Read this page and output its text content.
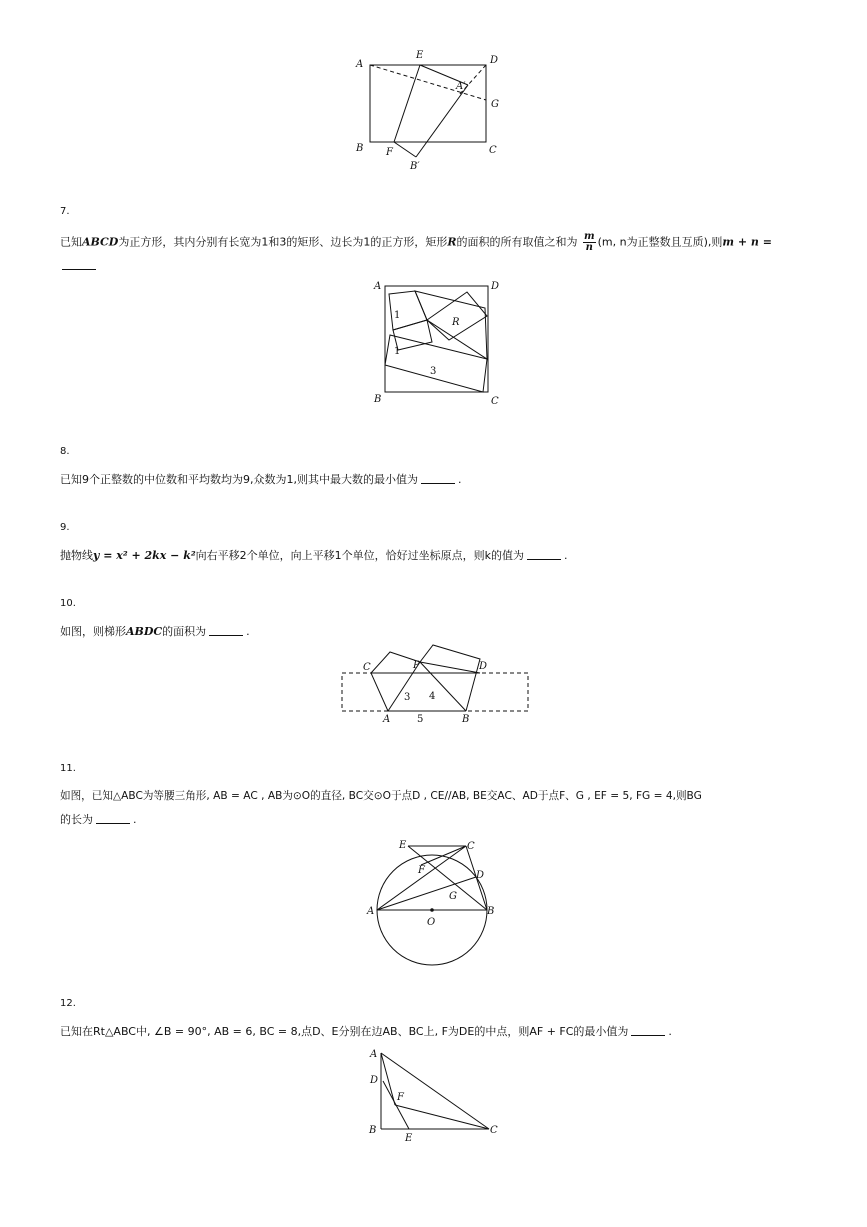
A
E	D
A′
G
B F	C
B′
7.
已知ABCD为正方形，其内分别有长宽为1和3的矩形、边长为1的正方形，矩形R的面积的所有取值之和为 $\frac{m}{n} (m$, n为正整数且互质),则m + n =
A	D
B	C
R
1
1
3
8.
已知9个正整数的中位数和平均数均为9,众数为1,则其中最大数的最小值为	.
9.
抛物线y = x² + 2kx − k²向右平移2个单位，向上平移1个单位，恰好过坐标原点，则k的值为	.
10.
如图，则梯形ABDC的面积为	.
C	P	D
A	B
3 4
5
11.
如图，已知△ABC为等腰三角形, AB = AC , AB为⊙O的直径, BC交⊙O于点D , CE//AB, BE交AC、AD于点F、G , EF = 5, FG = 4,则BG
的长为	.
E	C
F	D
G
A	B
O
12.
已知在Rt△ABC中, ∠B = 90°, AB = 6, BC = 8,点D、E分别在边AB、BC上, F为DE的中点，则AF + FC的最小值为	.
A
D
F
B
E
C
